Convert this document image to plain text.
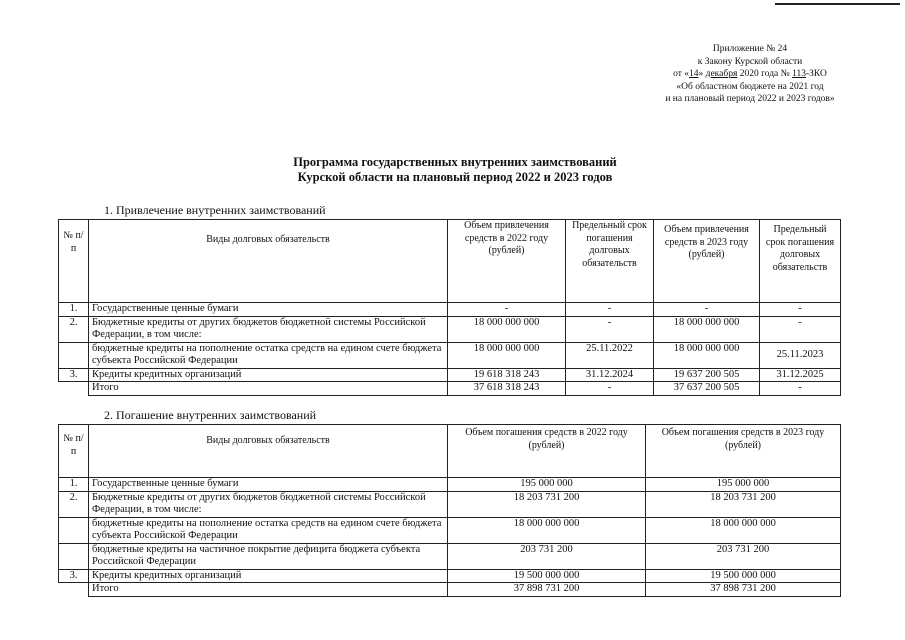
Приложение № 24
к Закону Курской области
от «14» декабря 2020 года № 113-ЗКО
«Об областном бюджете на 2021 год
и на плановый период 2022 и 2023 годов»
Программа государственных внутренних заимствований
Курской области на плановый период 2022 и 2023 годов
1. Привлечение внутренних заимствований
№ п/п	Виды долговых обязательств	Объем привлечения средств в 2022 году (рублей)	Предельный срок погашения долговых обязательств	Объем привлечения средств в 2023 году (рублей)	Предельный срок погашения долговых обязательств
1.	Государственные ценные бумаги	-	-	-	-
2.	Бюджетные кредиты от других бюджетов бюджетной системы Российской Федерации, в том числе:	18 000 000 000	-	18 000 000 000	-
	бюджетные кредиты на пополнение остатка средств на едином счете бюджета субъекта Российской Федерации	18 000 000 000	25.11.2022	18 000 000 000	25.11.2023
3.	Кредиты кредитных организаций	19 618 318 243	31.12.2024	19 637 200 505	31.12.2025
	Итого	37 618 318 243	-	37 637 200 505	-
2. Погашение внутренних заимствований
№ п/п	Виды долговых обязательств	Объем погашения средств в 2022 году (рублей)	Объем погашения средств в 2023 году (рублей)
1.	Государственные ценные бумаги	195 000 000	195 000 000
2.	Бюджетные кредиты от других бюджетов бюджетной системы Российской Федерации, в том числе:	18 203 731 200	18 203 731 200
	бюджетные кредиты на пополнение остатка средств на едином счете бюджета субъекта Российской Федерации	18 000 000 000	18 000 000 000
	бюджетные кредиты на частичное покрытие дефицита бюджета субъекта Российской Федерации	203 731 200	203 731 200
3.	Кредиты кредитных организаций	19 500 000 000	19 500 000 000
	Итого	37 898 731 200	37 898 731 200
